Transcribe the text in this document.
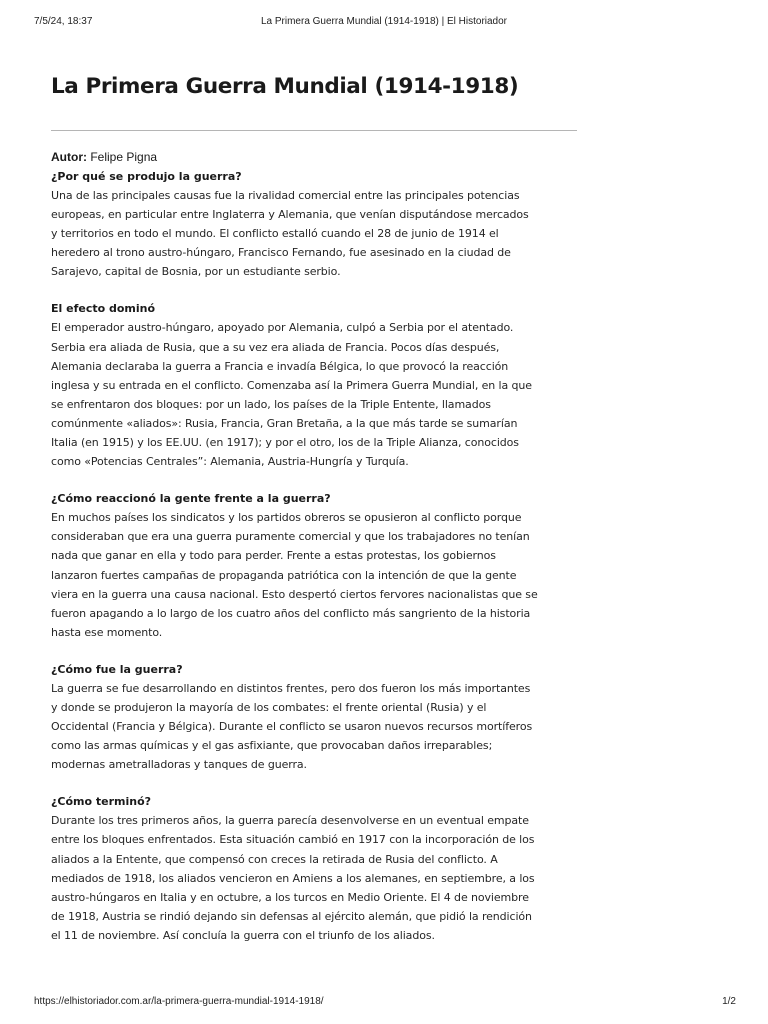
7/5/24, 18:37	La Primera Guerra Mundial (1914-1918) | El Historiador
La Primera Guerra Mundial (1914-1918)
Autor: Felipe Pigna
¿Por qué se produjo la guerra?

Una de las principales causas fue la rivalidad comercial entre las principales potencias
europeas, en particular entre Inglaterra y Alemania, que venían disputándose mercados
y territorios en todo el mundo. El conflicto estalló cuando el 28 de junio de 1914 el
heredero al trono austro-húngaro, Francisco Fernando, fue asesinado en la ciudad de
Sarajevo, capital de Bosnia, por un estudiante serbio.

El efecto dominó

El emperador austro-húngaro, apoyado por Alemania, culpó a Serbia por el atentado.
Serbia era aliada de Rusia, que a su vez era aliada de Francia. Pocos días después,
Alemania declaraba la guerra a Francia e invadía Bélgica, lo que provocó la reacción
inglesa y su entrada en el conflicto. Comenzaba así la Primera Guerra Mundial, en la que
se enfrentaron dos bloques: por un lado, los países de la Triple Entente, llamados
comúnmente «aliados»: Rusia, Francia, Gran Bretaña, a la que más tarde se sumarían
Italia (en 1915) y los EE.UU. (en 1917); y por el otro, los de la Triple Alianza, conocidos
como «Potencias Centrales”: Alemania, Austria-Hungría y Turquía.

¿Cómo reaccionó la gente frente a la guerra?

En muchos países los sindicatos y los partidos obreros se opusieron al conflicto porque
consideraban que era una guerra puramente comercial y que los trabajadores no tenían
nada que ganar en ella y todo para perder. Frente a estas protestas, los gobiernos
lanzaron fuertes campañas de propaganda patriótica con la intención de que la gente
viera en la guerra una causa nacional. Esto despertó ciertos fervores nacionalistas que se
fueron apagando a lo largo de los cuatro años del conflicto más sangriento de la historia
hasta ese momento.

¿Cómo fue la guerra?

La guerra se fue desarrollando en distintos frentes, pero dos fueron los más importantes
y donde se produjeron la mayoría de los combates: el frente oriental (Rusia) y el
Occidental (Francia y Bélgica). Durante el conflicto se usaron nuevos recursos mortíferos
como las armas químicas y el gas asfixiante, que provocaban daños irreparables;
modernas ametralladoras y tanques de guerra.

¿Cómo terminó?

Durante los tres primeros años, la guerra parecía desenvolverse en un eventual empate
entre los bloques enfrentados. Esta situación cambió en 1917 con la incorporación de los
aliados a la Entente, que compensó con creces la retirada de Rusia del conflicto. A
mediados de 1918, los aliados vencieron en Amiens a los alemanes, en septiembre, a los
austro-húngaros en Italia y en octubre, a los turcos en Medio Oriente. El 4 de noviembre
de 1918, Austria se rindió dejando sin defensas al ejército alemán, que pidió la rendición
el 11 de noviembre. Así concluía la guerra con el triunfo de los aliados.

https://elhistoriador.com.ar/la-primera-guerra-mundial-1914-1918/	1/2
